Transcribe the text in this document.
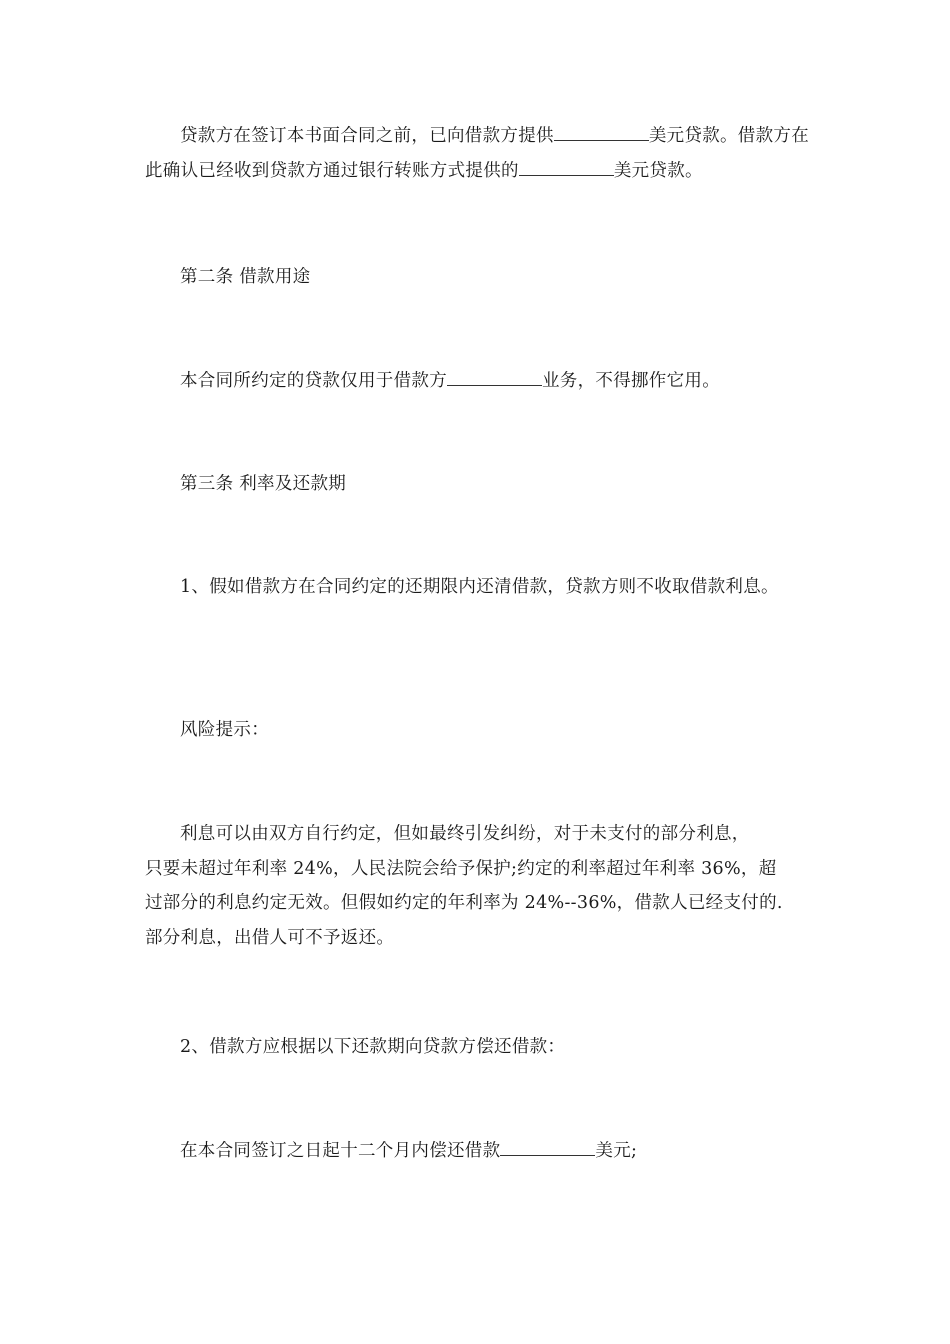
贷款方在签订本书面合同之前，已向借款方提供	美元贷款。借款方在此确认已经收到贷款方通过银行转账方式提供的	美元贷款。

第二条 借款用途

本合同所约定的贷款仅用于借款方	业务，不得挪作它用。

第三条 利率及还款期

1、假如借款方在合同约定的还期限内还清借款，贷款方则不收取借款利息。

风险提示：

利息可以由双方自行约定，但如最终引发纠纷，对于未支付的部分利息，
只要未超过年利率 24%，人民法院会给予保护;约定的利率超过年利率 36%，超
过部分的利息约定无效。但假如约定的年利率为 24%--36%，借款人已经支付的.
部分利息，出借人可不予返还。

2、借款方应根据以下还款期向贷款方偿还借款：

在本合同签订之日起十二个月内偿还借款	美元;
